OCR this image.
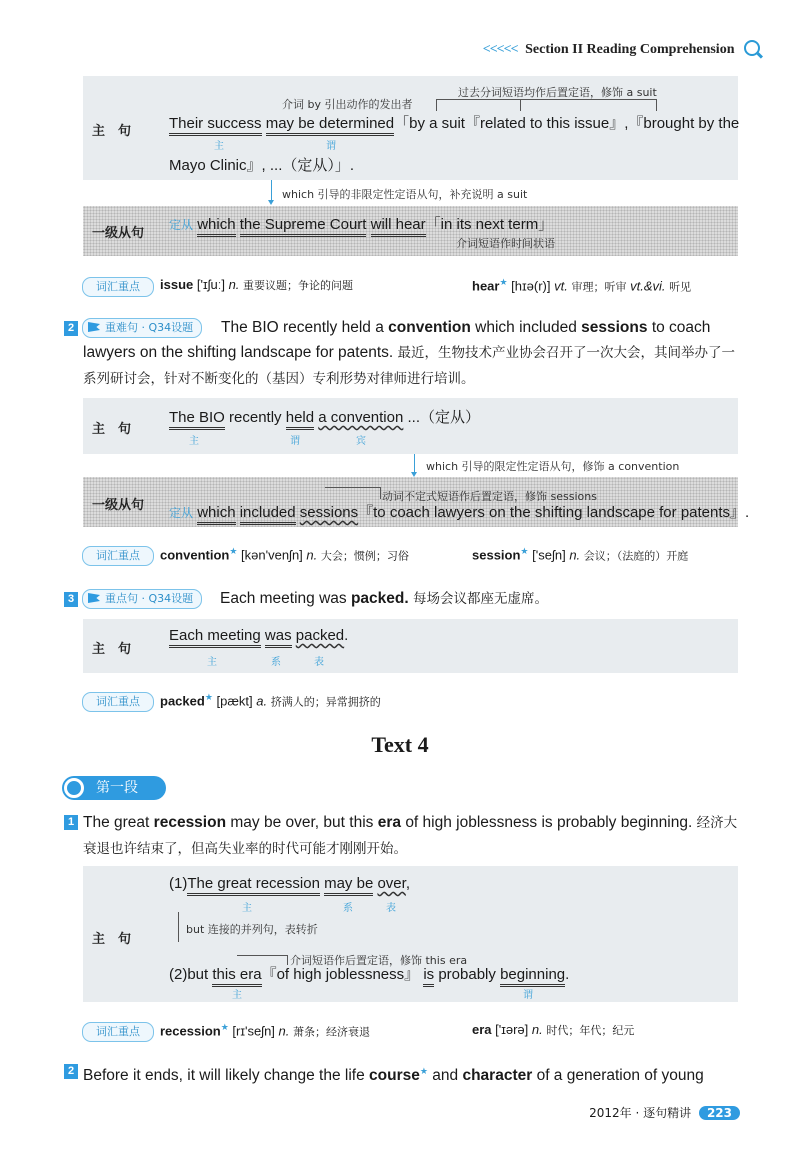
<<<<< Section II Reading Comprehension
主　句
过去分词短语均作后置定语，修饰 a suit
介词 by 引出动作的发出者
Their success may be determined「by a suit『related to this issue』,『brought by the
主	谓
Mayo Clinic』, ...（定从）」.
which 引导的非限定性定语从句，补充说明 a suit
一级从句
定从 which the Supreme Court will hear「in its next term」
介词短语作时间状语
词汇重点	issue ['ɪʃuː] n. 重要议题；争论的问题	hear★ [hɪə(r)] vt. 审理；听审 vt.&vi. 听见
2	重难句 · Q34设题	The BIO recently held a convention which included sessions to coach lawyers on the shifting landscape for patents. 最近，生物技术产业协会召开了一次大会，其间举办了一系列研讨会，针对不断变化的（基因）专利形势对律师进行培训。
主　句
The BIO recently held a convention ...（定从）
主	谓	宾
which 引导的限定性定语从句，修饰 a convention
一级从句
动词不定式短语作后置定语，修饰 sessions
定从 which included sessions『to coach lawyers on the shifting landscape for patents』.
词汇重点	convention★ [kən'venʃn] n. 大会；惯例；习俗	session★ ['seʃn] n. 会议；（法庭的）开庭
3	重点句 · Q34设题	Each meeting was packed. 每场会议都座无虚席。
主　句
Each meeting was packed.
主	系	表
词汇重点	packed★ [pækt] a. 挤满人的；异常拥挤的
Text 4
第一段
1 The great recession may be over, but this era of high joblessness is probably beginning. 经济大衰退也许结束了，但高失业率的时代可能才刚刚开始。
主　句
(1)The great recession may be over,
主	系	表
but 连接的并列句，表转折
介词短语作后置定语，修饰 this era
(2)but this era『of high joblessness』 is probably beginning.
主	谓
词汇重点	recession★ [rɪ'seʃn] n. 萧条；经济衰退	era ['ɪərə] n. 时代；年代；纪元
2 Before it ends, it will likely change the life course★ and character of a generation of young
2012年 · 逐句精讲 223
